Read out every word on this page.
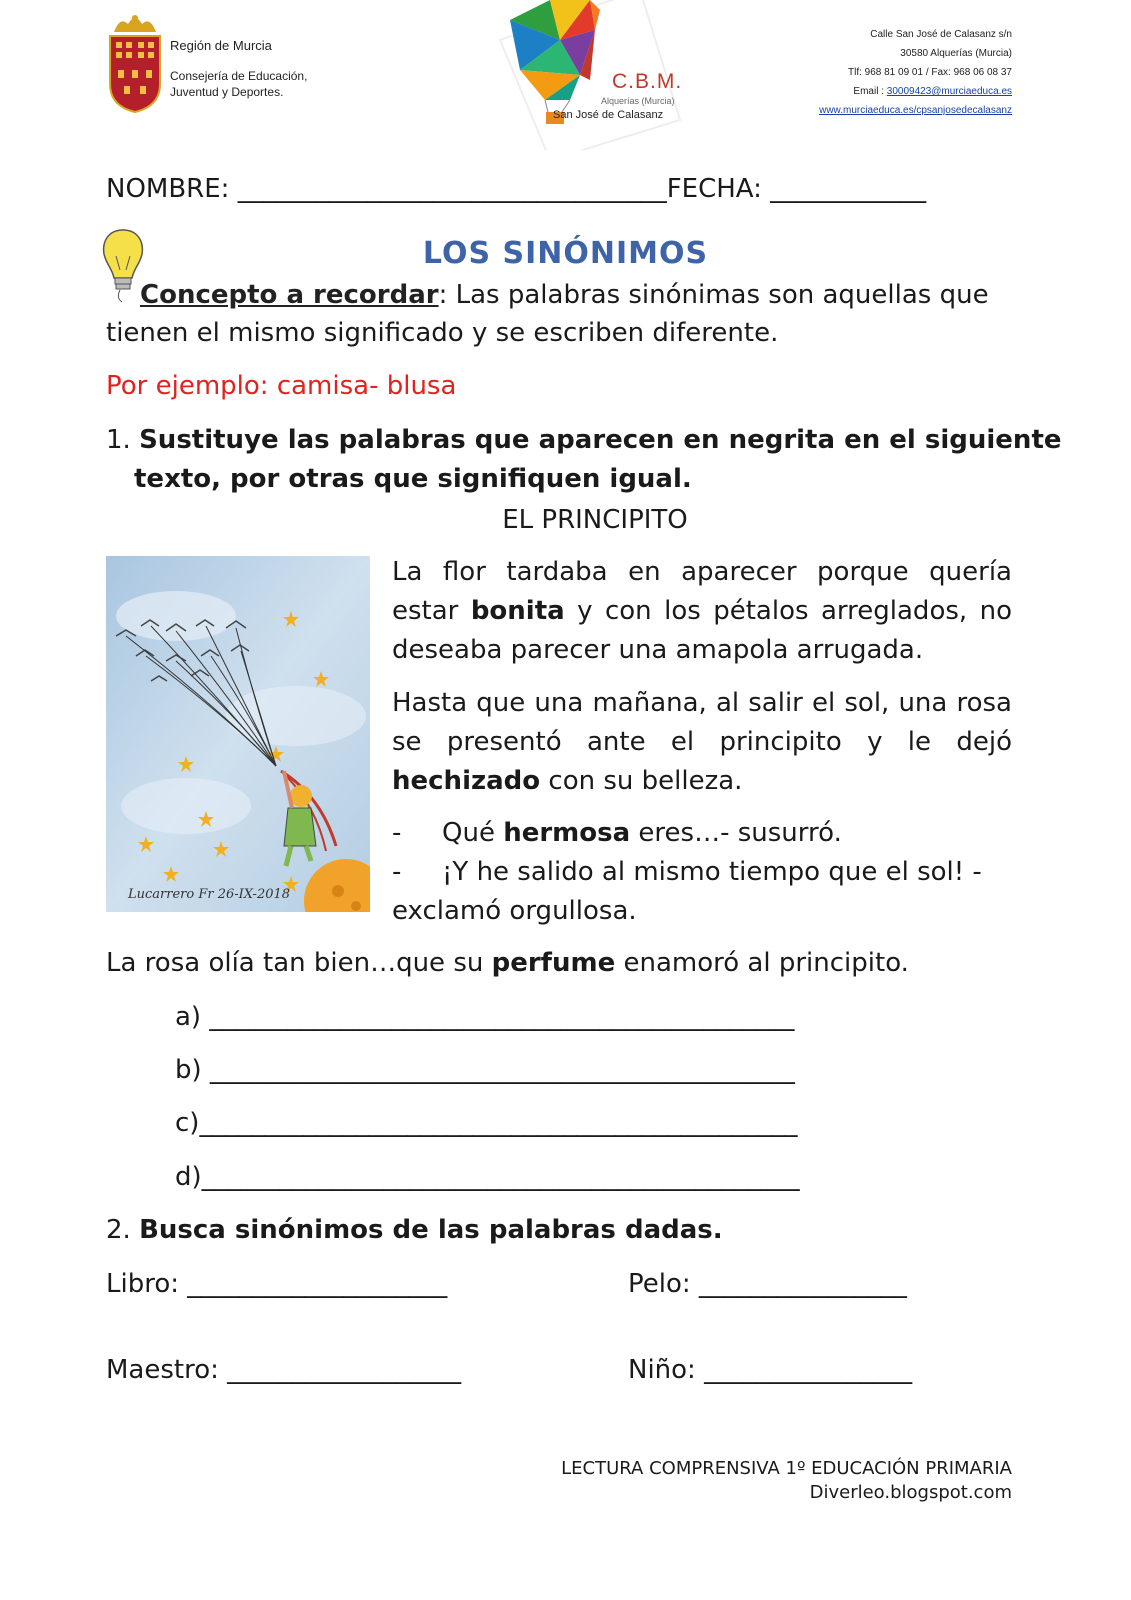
Región de Murcia
Consejería de Educación,
Juventud y Deportes.	C.B.M.
Alquerías (Murcia)
San José de Calasanz
Calle San José de Calasanz s/n
30580 Alquerías (Murcia)
Tlf: 968 81 09 01 / Fax: 968 06 08 37
Email : 30009423@murciaeduca.es
www.murciaeduca.es/cpsanjosedecalasanz
NOMBRE: _________________________________FECHA: ____________
LOS SINÓNIMOS
Concepto a recordar: Las palabras sinónimas son aquellas que
tienen el mismo significado y se escriben diferente.
Por ejemplo: camisa- blusa
1. Sustituye las palabras que aparecen en negrita en el siguiente
texto, por otras que signifiquen igual.
EL PRINCIPITO
Lucarrero Fr 26-IX-2018
La flor tardaba en aparecer porque quería estar bonita y con los pétalos arreglados, no deseaba parecer una amapola arrugada.
Hasta que una mañana, al salir el sol, una rosa se presentó ante el principito y le dejó hechizado con su belleza.
- Qué hermosa eres…- susurró.
- ¡Y he salido al mismo tiempo que el sol! -
exclamó orgullosa.
La rosa olía tan bien…que su perfume enamoró al principito.
a) _____________________________________________
b) _____________________________________________
c)______________________________________________
d)______________________________________________
2. Busca sinónimos de las palabras dadas.
Libro: ____________________	Pelo: ________________
Maestro: __________________	Niño: ________________
LECTURA COMPRENSIVA 1º EDUCACIÓN PRIMARIA
Diverleo.blogspot.com
